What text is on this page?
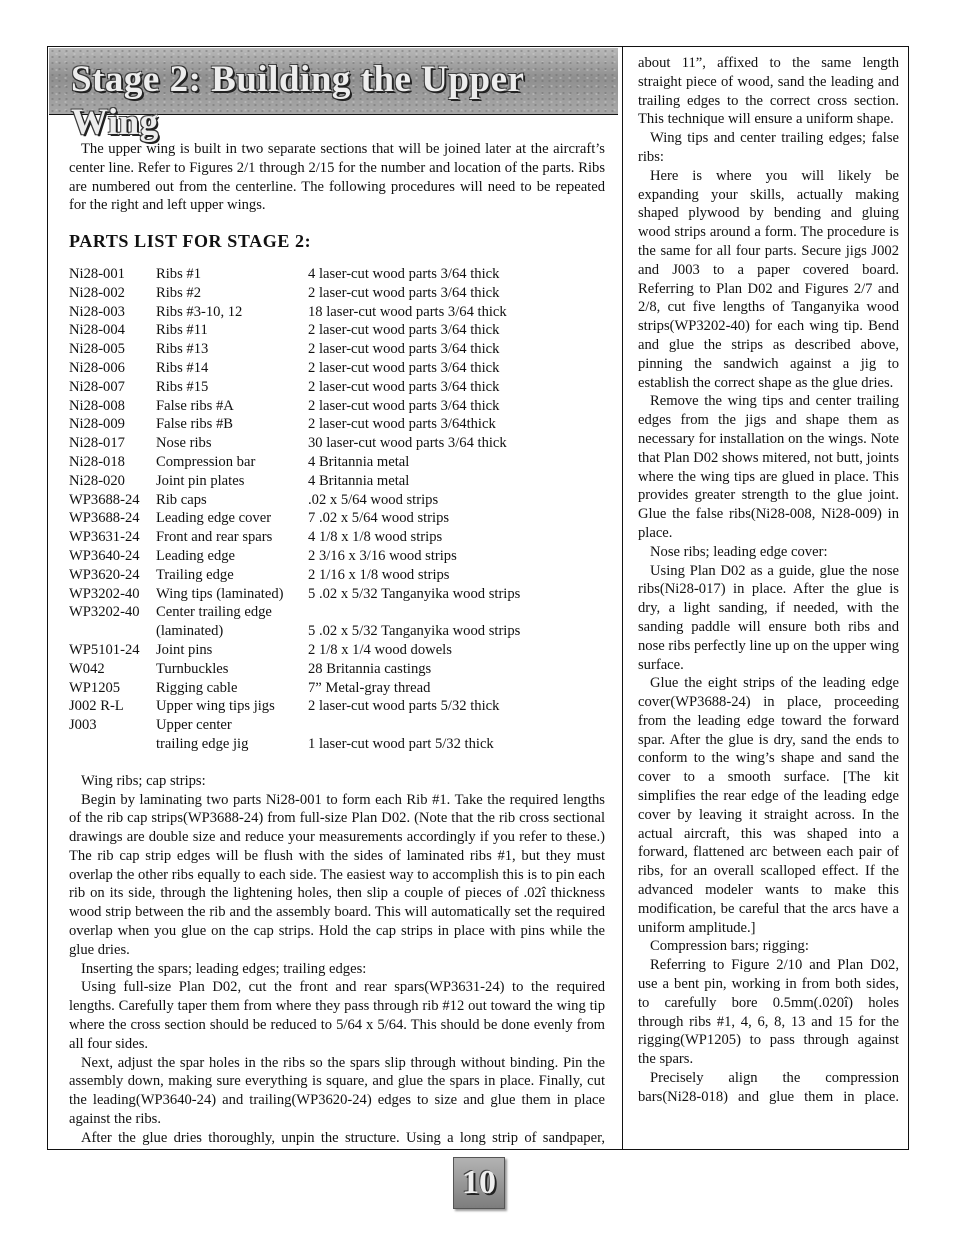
Stage 2: Building the Upper Wing

The upper wing is built in two separate sections that will be joined later at the aircraft’s center line. Refer to Figures 2/1 through 2/15 for the number and location of the parts. Ribs are numbered out from the centerline. The following procedures will need to be repeated for the right and left upper wings.

PARTS LIST FOR STAGE 2:
Ni28-001	Ribs #1	4 laser-cut wood parts 3/64 thick
Ni28-002	Ribs #2	2 laser-cut wood parts 3/64 thick
Ni28-003	Ribs #3-10, 12	18 laser-cut wood parts 3/64 thick
Ni28-004	Ribs #11	2 laser-cut wood parts 3/64 thick
Ni28-005	Ribs #13	2 laser-cut wood parts 3/64 thick
Ni28-006	Ribs #14	2 laser-cut wood parts 3/64 thick
Ni28-007	Ribs #15	2 laser-cut wood parts 3/64 thick
Ni28-008	False ribs #A	2 laser-cut wood parts 3/64 thick
Ni28-009	False ribs #B	2 laser-cut wood parts 3/64thick
Ni28-017	Nose ribs	30 laser-cut wood parts 3/64 thick
Ni28-018	Compression bar	4 Britannia metal
Ni28-020	Joint pin plates	4 Britannia metal
WP3688-24	Rib caps	.02 x 5/64 wood strips
WP3688-24	Leading edge cover	7 .02 x 5/64 wood strips
WP3631-24	Front and rear spars	4 1/8 x 1/8 wood strips
WP3640-24	Leading edge	2 3/16 x 3/16 wood strips
WP3620-24	Trailing edge	2 1/16 x 1/8 wood strips
WP3202-40	Wing tips (laminated)	5 .02 x 5/32 Tanganyika wood strips
WP3202-40	Center trailing edge	
	(laminated)	5 .02 x 5/32 Tanganyika wood strips
WP5101-24	Joint pins	2 1/8 x 1/4 wood dowels
W042	Turnbuckles	28 Britannia castings
WP1205	Rigging cable	7” Metal-gray thread
J002 R-L	Upper wing tips jigs	2 laser-cut wood parts 5/32 thick
J003	Upper center	
	trailing edge jig	1 laser-cut wood part 5/32 thick

Wing ribs; cap strips:

Begin by laminating two parts Ni28-001 to form each Rib #1. Take the required lengths of the rib cap strips(WP3688-24) from full-size Plan D02. (Note that the rib cross sectional drawings are double size and reduce your measurements accordingly if you refer to these.) The rib cap strip edges will be flush with the sides of laminated ribs #1, but they must overlap the other ribs equally to each side. The easiest way to accomplish this is to pin each rib on its side, through the lightening holes, then slip a couple of pieces of .02î thickness wood strip between the rib and the assembly board. This will automatically set the required overlap when you glue on the cap strips. Hold the cap strips in place with pins while the glue dries.

Inserting the spars; leading edges; trailing edges:

Using full-size Plan D02, cut the front and rear spars(WP3631-24) to the required lengths. Carefully taper them from where they pass through rib #12 out toward the wing tip where the cross section should be reduced to 5/64 x 5/64. This should be done evenly from all four sides.

Next, adjust the spar holes in the ribs so the spars slip through without binding. Pin the assembly down, making sure everything is square, and glue the spars in place. Finally, cut the leading(WP3640-24) and trailing(WP3620-24) edges to size and glue them in place against the ribs.

After the glue dries thoroughly, unpin the structure. Using a long strip of sandpaper,

about 11”, affixed to the same length straight piece of wood, sand the leading and trailing edges to the correct cross section. This technique will ensure a uniform shape.

Wing tips and center trailing edges; false ribs:

Here is where you will likely be expanding your skills, actually making shaped plywood by bending and gluing wood strips around a form. The procedure is the same for all four parts. Secure jigs J002 and J003 to a paper covered board. Referring to Plan D02 and Figures 2/7 and 2/8, cut five lengths of Tanganyika wood strips(WP3202-40) for each wing tip. Bend and glue the strips as described above, pinning the sandwich against a jig to establish the correct shape as the glue dries.

Remove the wing tips and center trailing edges from the jigs and shape them as necessary for installation on the wings. Note that Plan D02 shows mitered, not butt, joints where the wing tips are glued in place. This provides greater strength to the glue joint. Glue the false ribs(Ni28-008, Ni28-009) in place.

Nose ribs; leading edge cover:

Using Plan D02 as a guide, glue the nose ribs(Ni28-017) in place. After the glue is dry, a light sanding, if needed, with the sanding paddle will ensure both ribs and nose ribs perfectly line up on the upper wing surface.

Glue the eight strips of the leading edge cover(WP3688-24) in place, proceeding from the leading edge toward the forward spar. After the glue is dry, sand the ends to conform to the wing’s shape and sand the cover to a smooth surface. [The kit simplifies the rear edge of the leading edge cover by leaving it straight across. In the actual aircraft, this was shaped into a forward, flattened arc between each pair of ribs, for an overall scalloped effect. If the advanced modeler wants to make this modification, be careful that the arcs have a uniform amplitude.]

Compression bars; rigging:

Referring to Figure 2/10 and Plan D02, use a bent pin, working in from both sides, to carefully bore 0.5mm(.020î) holes through ribs #1, 4, 6, 8, 13 and 15 for the rigging(WP1205) to pass through against the spars.

Precisely align the compression bars(Ni28-018) and glue them in place.

10
